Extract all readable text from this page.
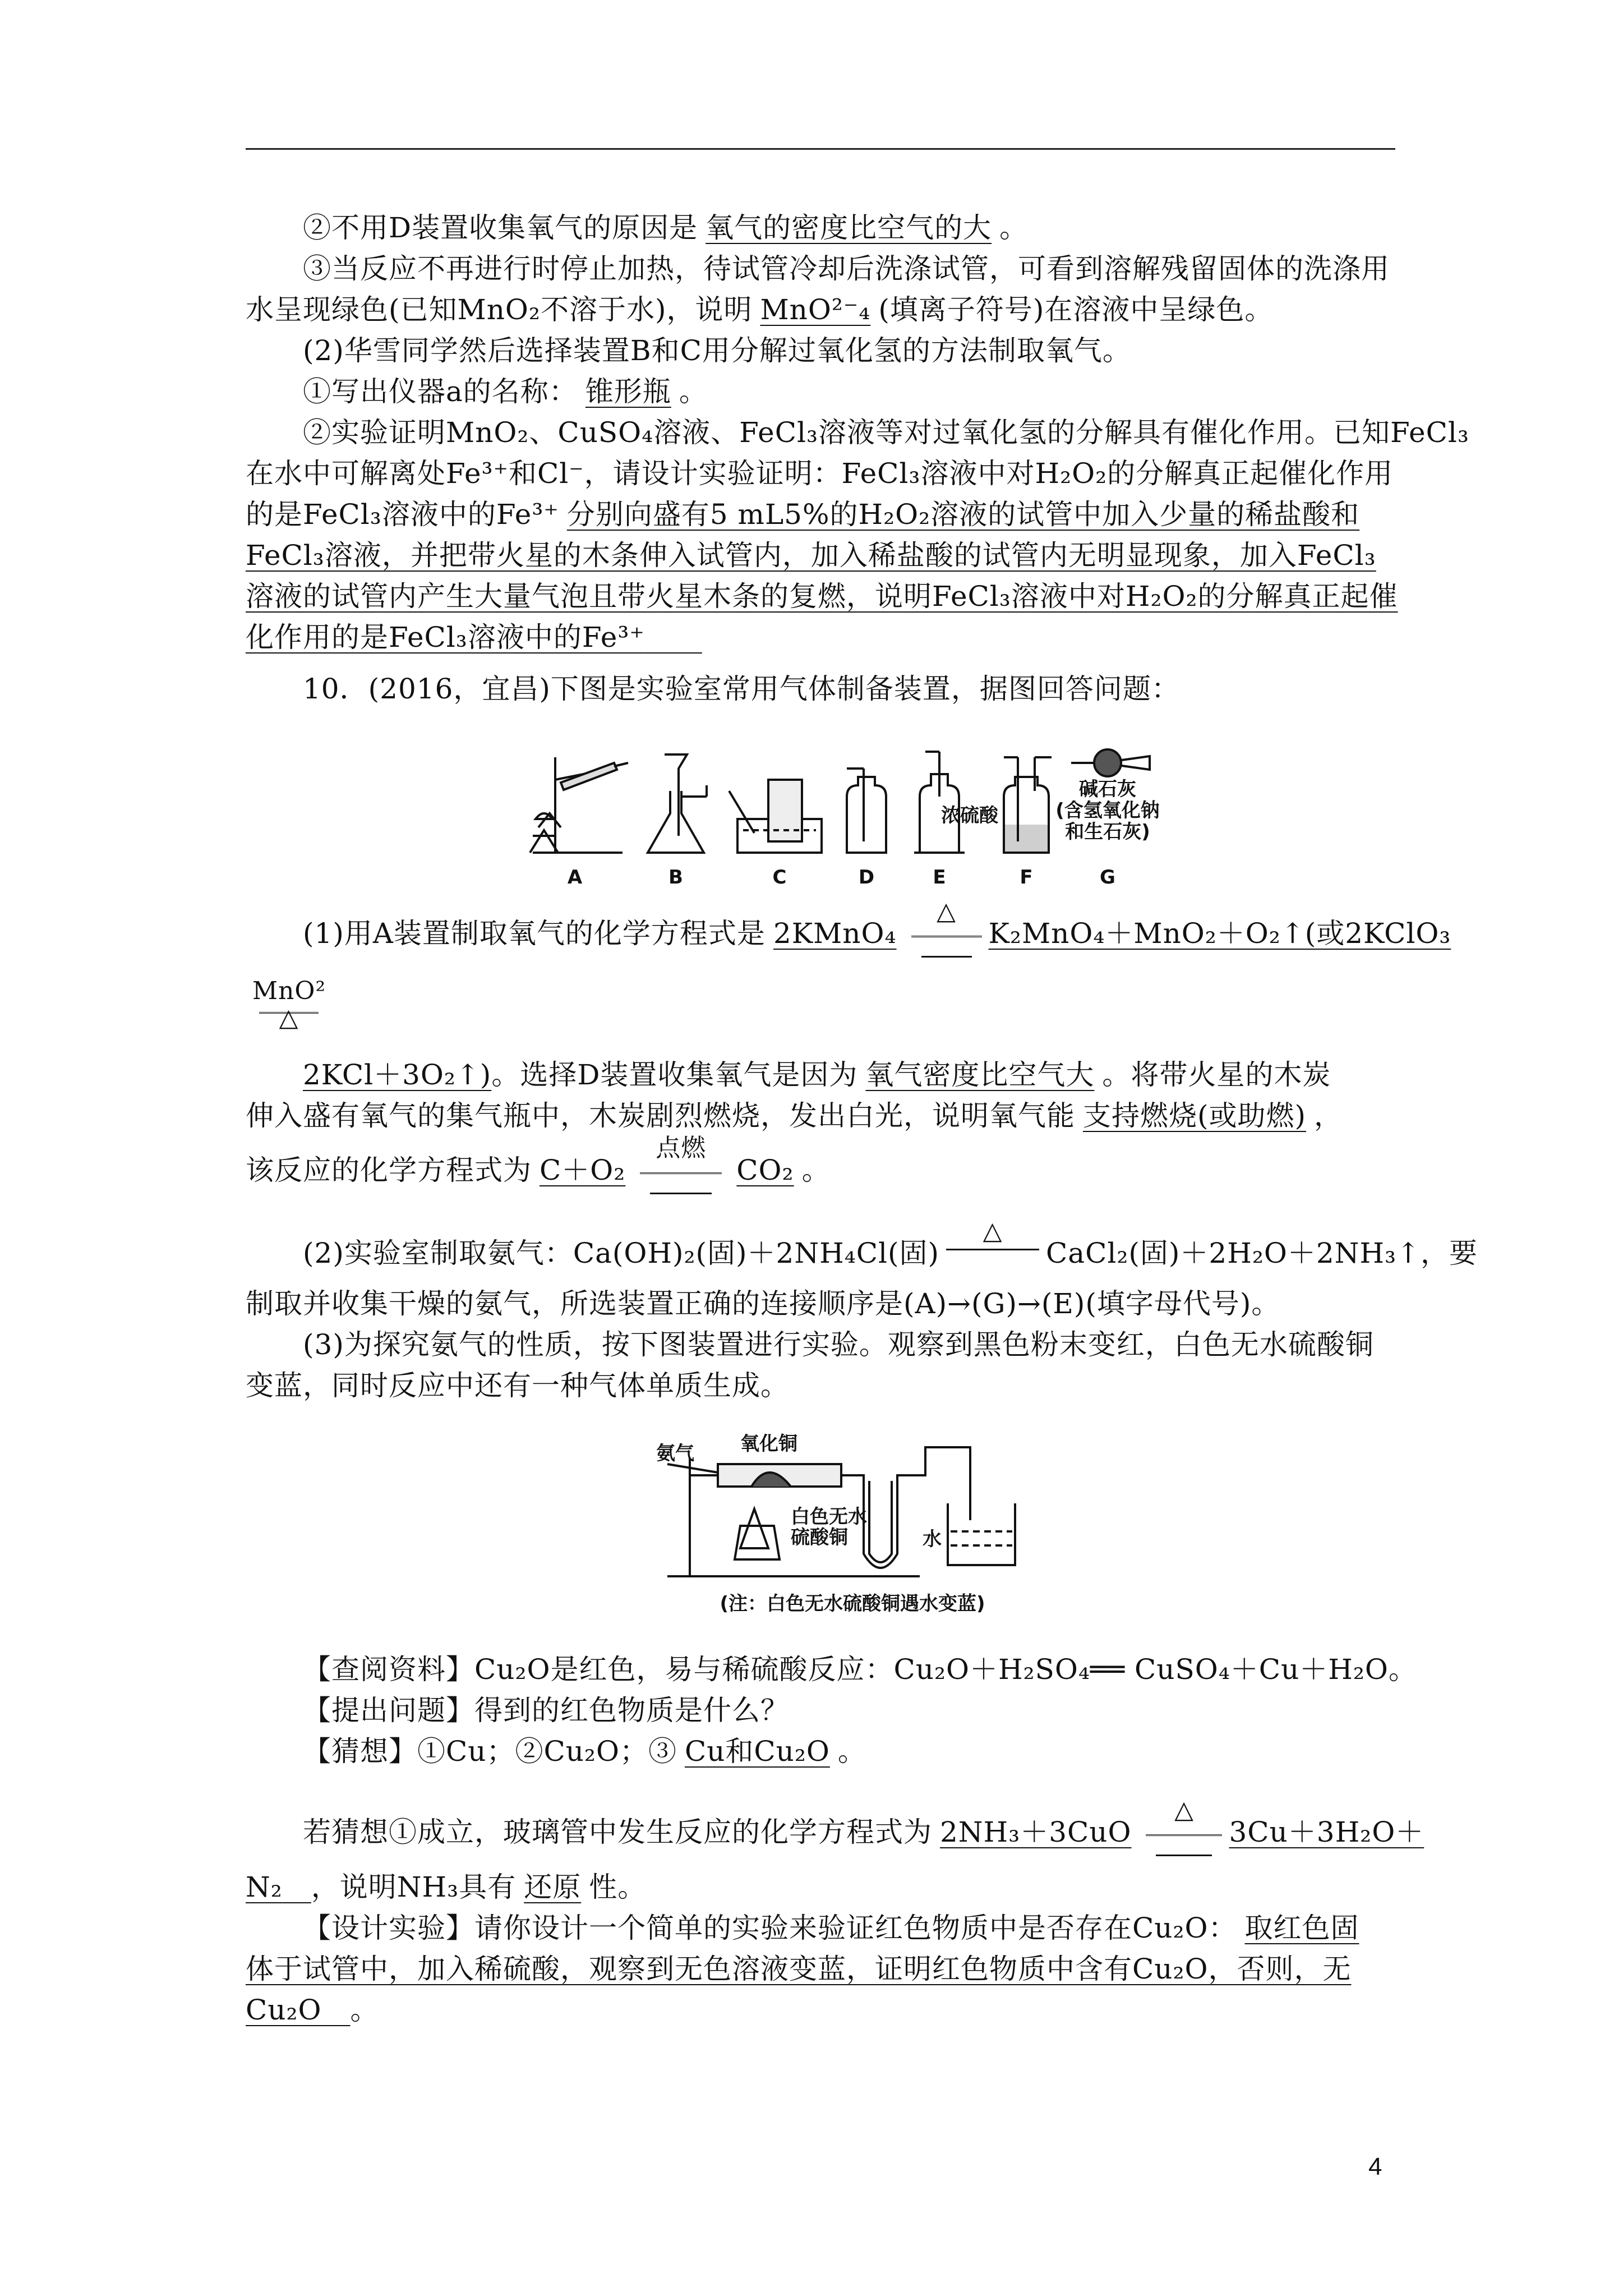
②不用D装置收集氧气的原因是 氧气的密度比空气的大 。
③当反应不再进行时停止加热，待试管冷却后洗涤试管，可看到溶解残留固体的洗涤用
水呈现绿色(已知MnO₂不溶于水)，说明 MnO²⁻₄ (填离子符号)在溶液中呈绿色。
(2)华雪同学然后选择装置B和C用分解过氧化氢的方法制取氧气。
①写出仪器a的名称： 锥形瓶 。
②实验证明MnO₂、CuSO₄溶液、FeCl₃溶液等对过氧化氢的分解具有催化作用。已知FeCl₃
在水中可解离处Fe³⁺和Cl⁻，请设计实验证明：FeCl₃溶液中对H₂O₂的分解真正起催化作用
的是FeCl₃溶液中的Fe³⁺ 分别向盛有5 mL5%的H₂O₂溶液的试管中加入少量的稀盐酸和
FeCl₃溶液，并把带火星的木条伸入试管内，加入稀盐酸的试管内无明显现象，加入FeCl₃
溶液的试管内产生大量气泡且带火星木条的复燃，说明FeCl₃溶液中对H₂O₂的分解真正起催
化作用的是FeCl₃溶液中的Fe³⁺  
10．(2016，宜昌)下图是实验室常用气体制备装置，据图回答问题：
浓硫酸
碱石灰
(含氢氧化钠
和生石灰)
A	B	C	D	E	F	G
(1)用A装置制取氧气的化学方程式是 2KMnO₄
△
K₂MnO₄＋MnO₂＋O₂↑(或2KClO₃
MnO²
△
2KCl＋3O₂↑)。选择D装置收集氧气是因为 氧气密度比空气大 。将带火星的木炭
伸入盛有氧气的集气瓶中，木炭剧烈燃烧，发出白光，说明氧气能 支持燃烧(或助燃) ，
该反应的化学方程式为 C＋O₂
点燃
CO₂ 。
(2)实验室制取氨气：Ca(OH)₂(固)＋2NH₄Cl(固)
△
CaCl₂(固)＋2H₂O＋2NH₃↑，要
制取并收集干燥的氨气，所选装置正确的连接顺序是(A)→(G)→(E)(填字母代号)。
(3)为探究氨气的性质，按下图装置进行实验。观察到黑色粉末变红，白色无水硫酸铜
变蓝，同时反应中还有一种气体单质生成。
氨气 氧化铜
白色无水
硫酸铜	水
(注：白色无水硫酸铜遇水变蓝)
【查阅资料】Cu₂O是红色，易与稀硫酸反应：Cu₂O＋H₂SO₄══ CuSO₄＋Cu＋H₂O。
【提出问题】得到的红色物质是什么？
【猜想】①Cu；②Cu₂O；③ Cu和Cu₂O 。
若猜想①成立，玻璃管中发生反应的化学方程式为 2NH₃＋3CuO
△
3Cu＋3H₂O＋
N₂  ，说明NH₃具有 还原 性。
【设计实验】请你设计一个简单的实验来验证红色物质中是否存在Cu₂O： 取红色固
体于试管中，加入稀硫酸，观察到无色溶液变蓝，证明红色物质中含有Cu₂O，否则，无
Cu₂O  。
4
